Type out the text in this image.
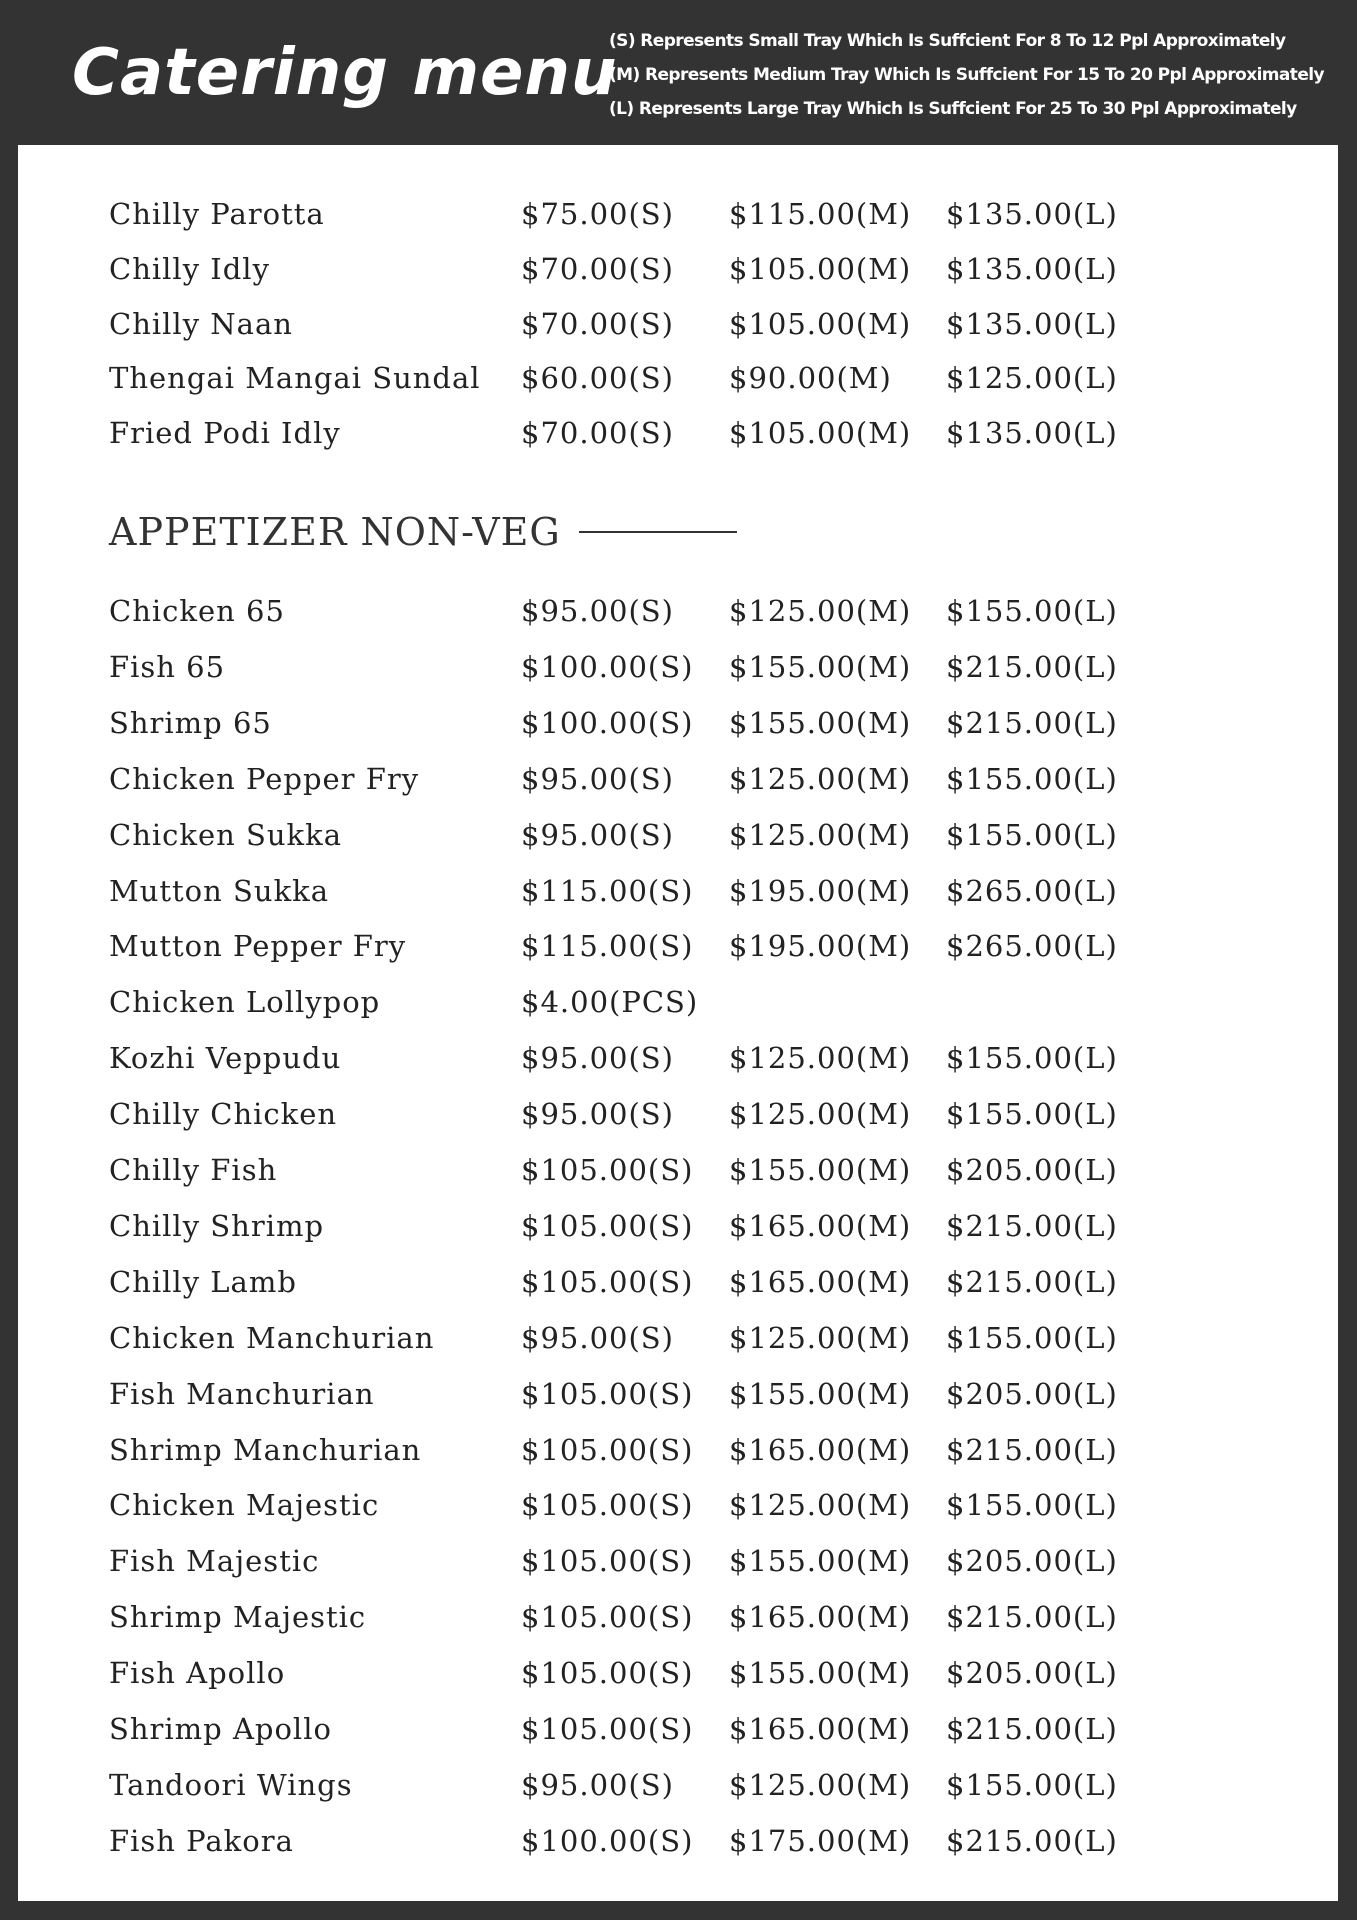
Catering menu
(S) Represents Small Tray Which Is Suffcient For 8 To 12 Ppl Approximately
(M) Represents Medium Tray Which Is Suffcient For 15 To 20 Ppl Approximately
(L) Represents Large Tray Which Is Suffcient For 25 To 30 Ppl Approximately
Chilly Parotta	$75.00(S) $115.00(M) $135.00(L)
Chilly Idly	$70.00(S) $105.00(M) $135.00(L)
Chilly Naan	$70.00(S) $105.00(M) $135.00(L)
Thengai Mangai Sundal $60.00(S) $90.00(M) $125.00(L)
Fried Podi Idly	$70.00(S) $105.00(M) $135.00(L)
APPETIZER NON-VEG
Chicken 65	$95.00(S) $125.00(M) $155.00(L)
Fish 65	$100.00(S) $155.00(M) $215.00(L)
Shrimp 65	$100.00(S) $155.00(M) $215.00(L)
Chicken Pepper Fry	$95.00(S) $125.00(M) $155.00(L)
Chicken Sukka	$95.00(S) $125.00(M) $155.00(L)
Mutton Sukka	$115.00(S) $195.00(M) $265.00(L)
Mutton Pepper Fry	$115.00(S) $195.00(M) $265.00(L)
Chicken Lollypop	$4.00(PCS)
Kozhi Veppudu	$95.00(S) $125.00(M) $155.00(L)
Chilly Chicken	$95.00(S) $125.00(M) $155.00(L)
Chilly Fish	$105.00(S) $155.00(M) $205.00(L)
Chilly Shrimp	$105.00(S) $165.00(M) $215.00(L)
Chilly Lamb	$105.00(S) $165.00(M) $215.00(L)
Chicken Manchurian	$95.00(S) $125.00(M) $155.00(L)
Fish Manchurian	$105.00(S) $155.00(M) $205.00(L)
Shrimp Manchurian	$105.00(S) $165.00(M) $215.00(L)
Chicken Majestic	$105.00(S) $125.00(M) $155.00(L)
Fish Majestic	$105.00(S) $155.00(M) $205.00(L)
Shrimp Majestic	$105.00(S) $165.00(M) $215.00(L)
Fish Apollo	$105.00(S) $155.00(M) $205.00(L)
Shrimp Apollo	$105.00(S) $165.00(M) $215.00(L)
Tandoori Wings	$95.00(S) $125.00(M) $155.00(L)
Fish Pakora	$100.00(S) $175.00(M) $215.00(L)
